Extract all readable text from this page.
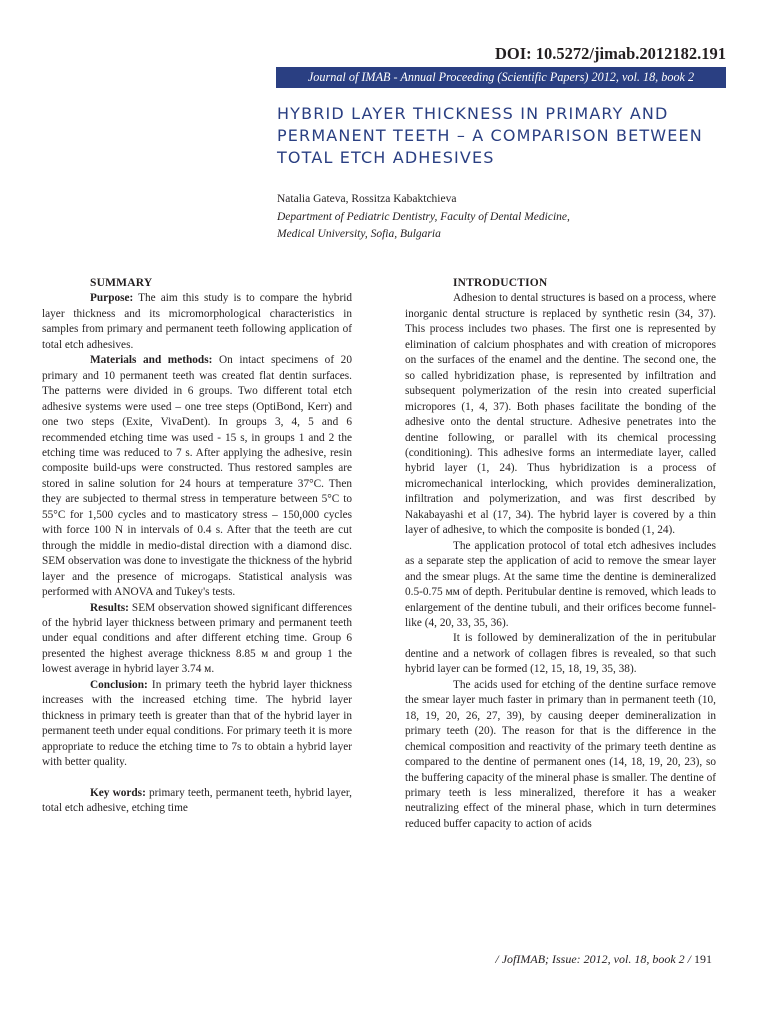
DOI: 10.5272/jimab.2012182.191
Journal of IMAB - Annual Proceeding (Scientific Papers) 2012, vol. 18, book 2
HYBRID LAYER THICKNESS IN PRIMARY AND
PERMANENT TEETH – A COMPARISON BETWEEN
TOTAL ETCH ADHESIVES
Natalia Gateva, Rossitza Kabaktchieva
Department of Pediatric Dentistry, Faculty of Dental Medicine,
Medical University, Sofia, Bulgaria
SUMMARY

Purpose: The aim this study is to compare the hybrid layer thickness and its micromorphological characteristics in samples from primary and permanent teeth following application of total etch adhesives.

Materials and methods: On intact specimens of 20 primary and 10 permanent teeth was created flat dentin surfaces. The patterns were divided in 6 groups. Two different total etch adhesive systems were used – one tree steps (OptiBond, Kerr) and one two steps (Exite, VivaDent). In groups 3, 4, 5 and 6 recommended etching time was used - 15 s, in groups 1 and 2 the etching time was reduced to 7 s. After applying the adhesive, resin composite build-ups were constructed. Thus restored samples are stored in saline solution for 24 hours at temperature 37°C. Then they are subjected to thermal stress in temperature between 5°C to 55°C for 1,500 cycles and to masticatory stress – 150,000 cycles with force 100 N in intervals of 0.4 s. After that the teeth are cut through the middle in medio-distal direction with a diamond disc. SEM observation was done to investigate the thickness of the hybrid layer and the presence of microgaps. Statistical analysis was performed with ANOVA and Tukey's tests.

Results: SEM observation showed significant differences of the hybrid layer thickness between primary and permanent teeth under equal conditions and after different etching time. Group 6 presented the highest average thickness 8.85 м and group 1 the lowest average in hybrid layer 3.74 м.

Conclusion: In primary teeth the hybrid layer thickness increases with the increased etching time. The hybrid layer thickness in primary teeth is greater than that of the hybrid layer in permanent teeth under equal conditions. For primary teeth it is more appropriate to reduce the etching time to 7s to obtain a hybrid layer with better quality.

Key words: primary teeth, permanent teeth, hybrid layer, total etch adhesive, etching time

INTRODUCTION

Adhesion to dental structures is based on a process, where inorganic dental structure is replaced by synthetic resin (34, 37). This process includes two phases. The first one is represented by elimination of calcium phosphates and with creation of micropores on the surfaces of the enamel and the dentine. The second one, the so called hybridization phase, is represented by infiltration and subsequent polymerization of the resin into created superficial micropores (1, 4, 37). Both phases facilitate the bonding of the adhesive onto the dental structure. Adhesive penetrates into the dentine following, or parallel with its chemical processing (conditioning). This adhesive forms an intermediate layer, called hybrid layer (1, 24). Thus hybridization is a process of micromechanical interlocking, which provides demineralization, infiltration and polymerization, and was first described by Nakabayashi et al (17, 34). The hybrid layer is covered by a thin layer of adhesive, to which the composite is bonded (1, 24).

The application protocol of total etch adhesives includes as a separate step the application of acid to remove the smear layer and the smear plugs. At the same time the dentine is demineralized 0.5-0.75 мм of depth. Peritubular dentine is removed, which leads to enlargement of the dentine tubuli, and their orifices become funnel-like (4, 20, 33, 35, 36).

It is followed by demineralization of the in peritubular dentine and a network of collagen fibres is revealed, so that such hybrid layer can be formed (12, 15, 18, 19, 35, 38).

The acids used for etching of the dentine surface remove the smear layer much faster in primary than in permanent teeth (10, 18, 19, 20, 26, 27, 39), by causing deeper demineralization in primary teeth (20). The reason for that is the difference in the chemical composition and reactivity of the primary teeth dentine as compared to the dentine of permanent ones (14, 18, 19, 20, 23), so the buffering capacity of the mineral phase is smaller. The dentine of primary teeth is less mineralized, therefore it has a weaker neutralizing effect of the mineral phase, which in turn determines reduced buffer capacity to action of acids

/ JofIMAB; Issue: 2012, vol. 18, book 2 / 191
